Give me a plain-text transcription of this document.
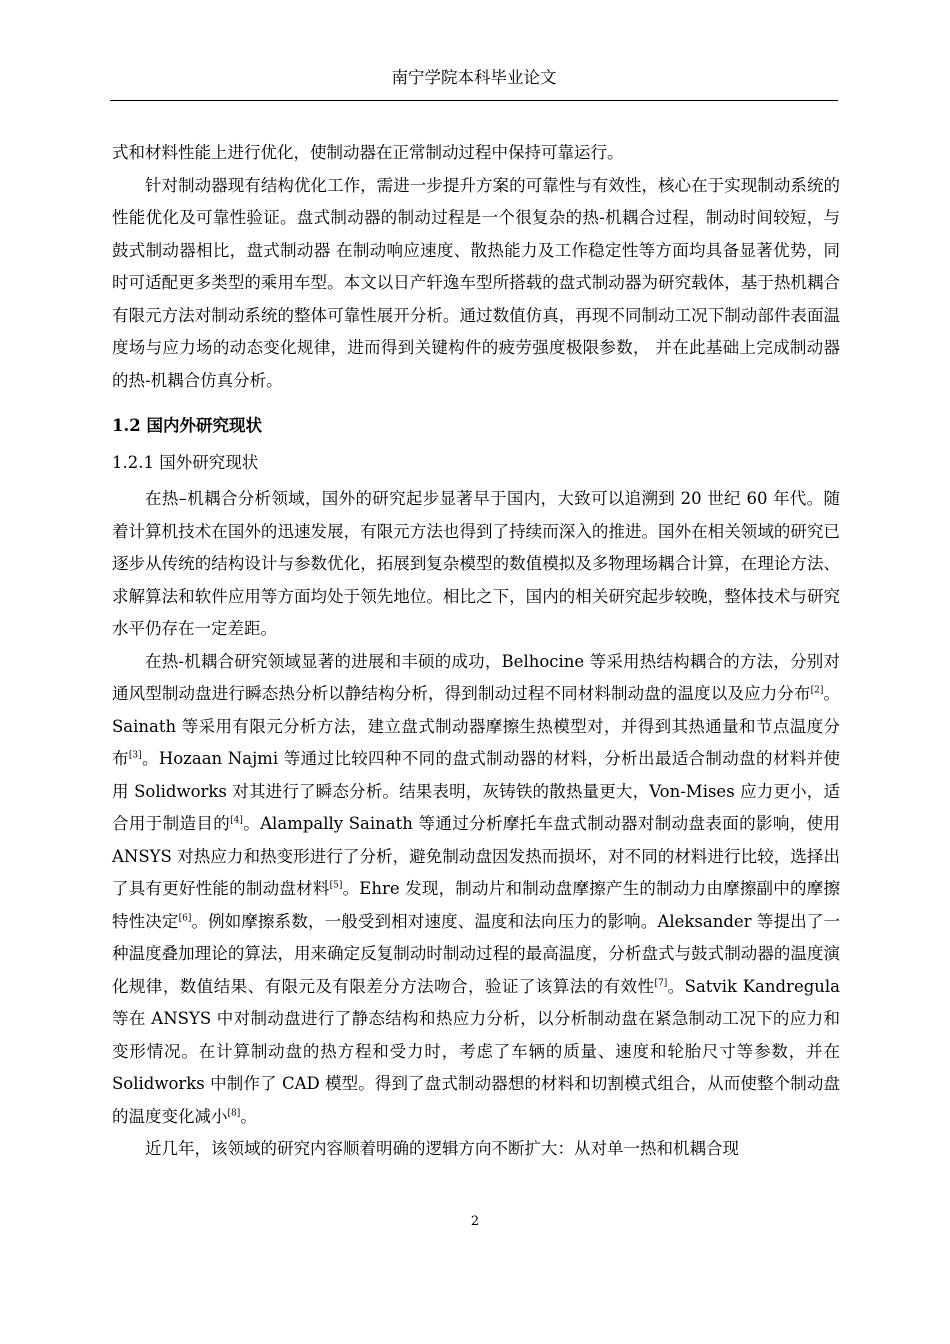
南宁学院本科毕业论文

式和材料性能上进行优化，使制动器在正常制动过程中保持可靠运行。

针对制动器现有结构优化工作，需进一步提升方案的可靠性与有效性，核心在于实现制动系统的性能优化及可靠性验证。盘式制动器的制动过程是一个很复杂的热-机耦合过程，制动时间较短，与鼓式制动器相比，盘式制动器 在制动响应速度、散热能力及工作稳定性等方面均具备显著优势，同时可适配更多类型的乘用车型。本文以日产轩逸车型所搭载的盘式制动器为研究载体，基于热机耦合有限元方法对制动系统的整体可靠性展开分析。通过数值仿真，再现不同制动工况下制动部件表面温度场与应力场的动态变化规律，进而得到关键构件的疲劳强度极限参数， 并在此基础上完成制动器的热-机耦合仿真分析。

1.2 国内外研究现状
1.2.1 国外研究现状

在热–机耦合分析领域，国外的研究起步显著早于国内，大致可以追溯到 20 世纪 60 年代。随着计算机技术在国外的迅速发展，有限元方法也得到了持续而深入的推进。国外在相关领域的研究已逐步从传统的结构设计与参数优化，拓展到复杂模型的数值模拟及多物理场耦合计算，在理论方法、求解算法和软件应用等方面均处于领先地位。相比之下，国内的相关研究起步较晚，整体技术与研究水平仍存在一定差距。

在热-机耦合研究领域显著的进展和丰硕的成功，Belhocine 等采用热结构耦合的方法，分别对通风型制动盘进行瞬态热分析以静结构分析，得到制动过程不同材料制动盘的温度以及应力分布[2]。Sainath 等采用有限元分析方法，建立盘式制动器摩擦生热模型对，并得到其热通量和节点温度分布[3]。Hozaan Najmi 等通过比较四种不同的盘式制动器的材料，分析出最适合制动盘的材料并使用 Solidworks 对其进行了瞬态分析。结果表明，灰铸铁的散热量更大，Von-Mises 应力更小，适合用于制造目的[4]。Alampally Sainath 等通过分析摩托车盘式制动器对制动盘表面的影响，使用 ANSYS 对热应力和热变形进行了分析，避免制动盘因发热而损坏，对不同的材料进行比较，选择出了具有更好性能的制动盘材料[5]。Ehre 发现，制动片和制动盘摩擦产生的制动力由摩擦副中的摩擦特性决定[6]。例如摩擦系数，一般受到相对速度、温度和法向压力的影响。Aleksander 等提出了一种温度叠加理论的算法，用来确定反复制动时制动过程的最高温度，分析盘式与鼓式制动器的温度演化规律，数值结果、有限元及有限差分方法吻合，验证了该算法的有效性[7]。Satvik Kandregula 等在 ANSYS 中对制动盘进行了静态结构和热应力分析，以分析制动盘在紧急制动工况下的应力和变形情况。在计算制动盘的热方程和受力时，考虑了车辆的质量、速度和轮胎尺寸等参数，并在 Solidworks 中制作了 CAD 模型。得到了盘式制动器想的材料和切割模式组合，从而使整个制动盘的温度变化减小[8]。

近几年，该领域的研究内容顺着明确的逻辑方向不断扩大：从对单一热和机耦合现

2
